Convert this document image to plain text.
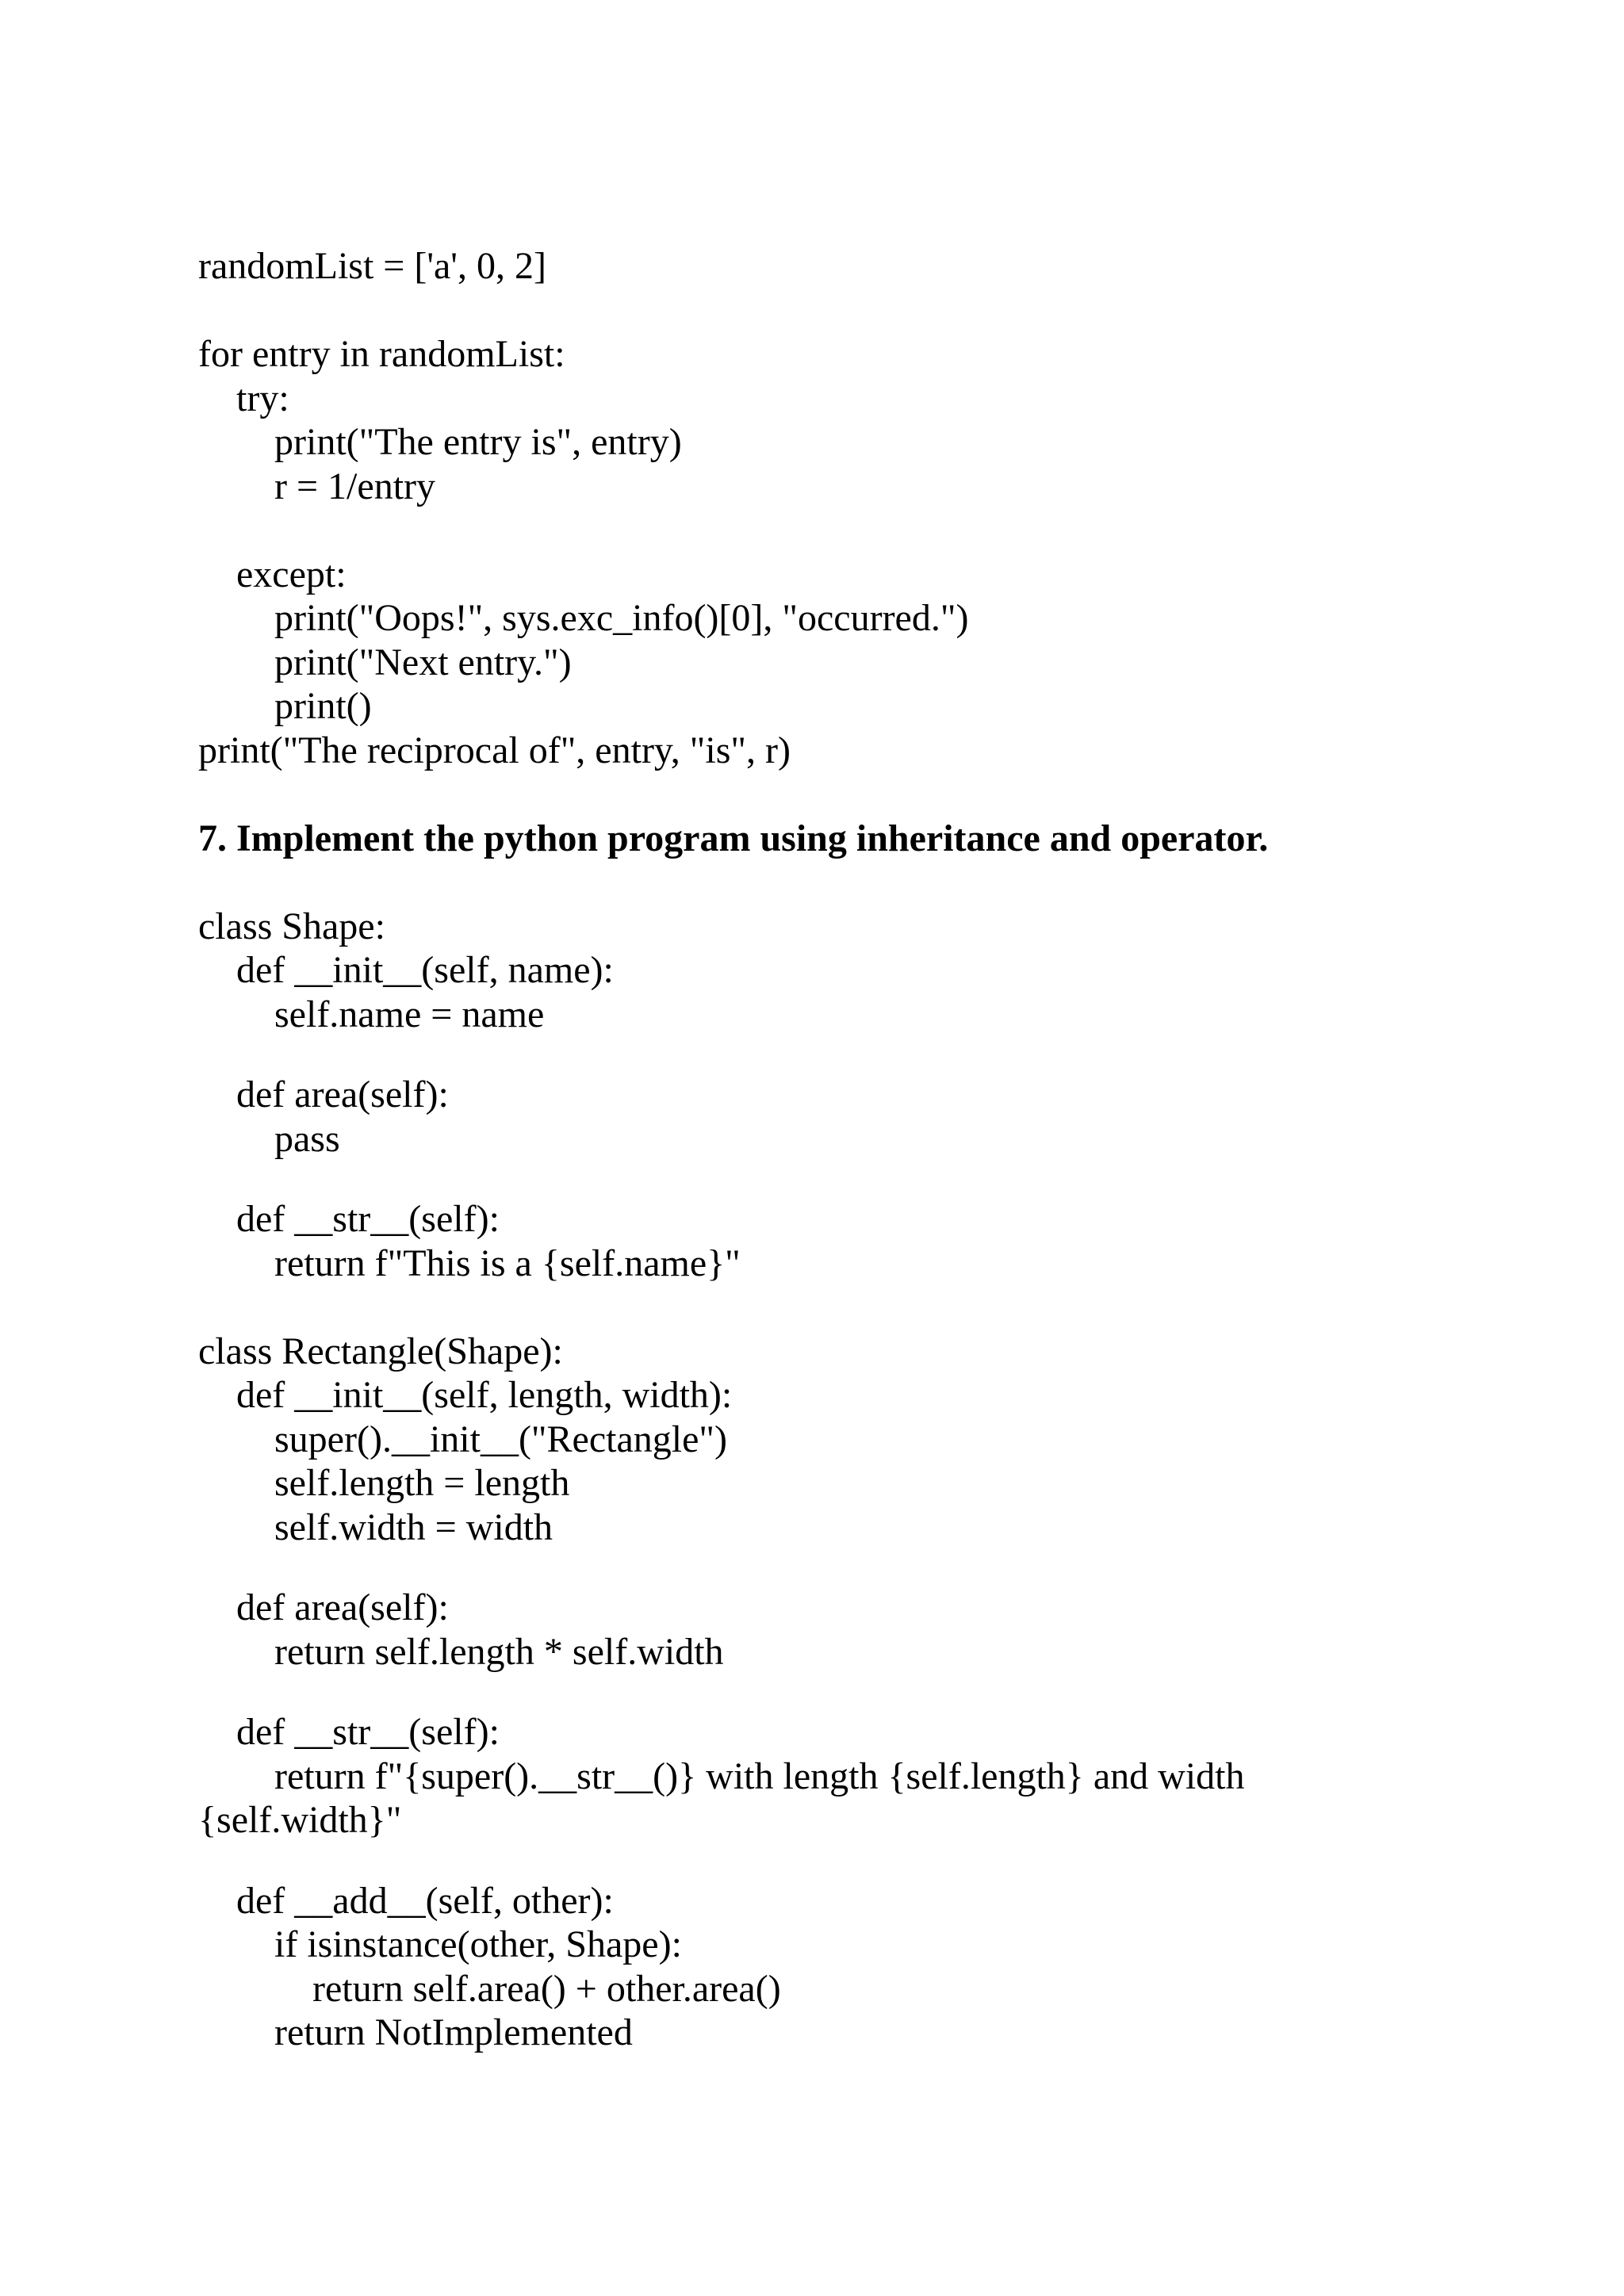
randomList = ['a', 0, 2]
for entry in randomList:
try:
print("The entry is", entry)
r = 1/entry
except:
print("Oops!", sys.exc_info()[0], "occurred.")
print("Next entry.")
print()
print("The reciprocal of", entry, "is", r)
7. Implement the python program using inheritance and operator.
class Shape:
def __init__(self, name):
self.name = name
def area(self):
pass
def __str__(self):
return f"This is a {self.name}"
class Rectangle(Shape):
def __init__(self, length, width):
super().__init__("Rectangle")
self.length = length
self.width = width
def area(self):
return self.length * self.width
def __str__(self):
return f"{super().__str__()} with length {self.length} and width
{self.width}"
def __add__(self, other):
if isinstance(other, Shape):
return self.area() + other.area()
return NotImplemented
